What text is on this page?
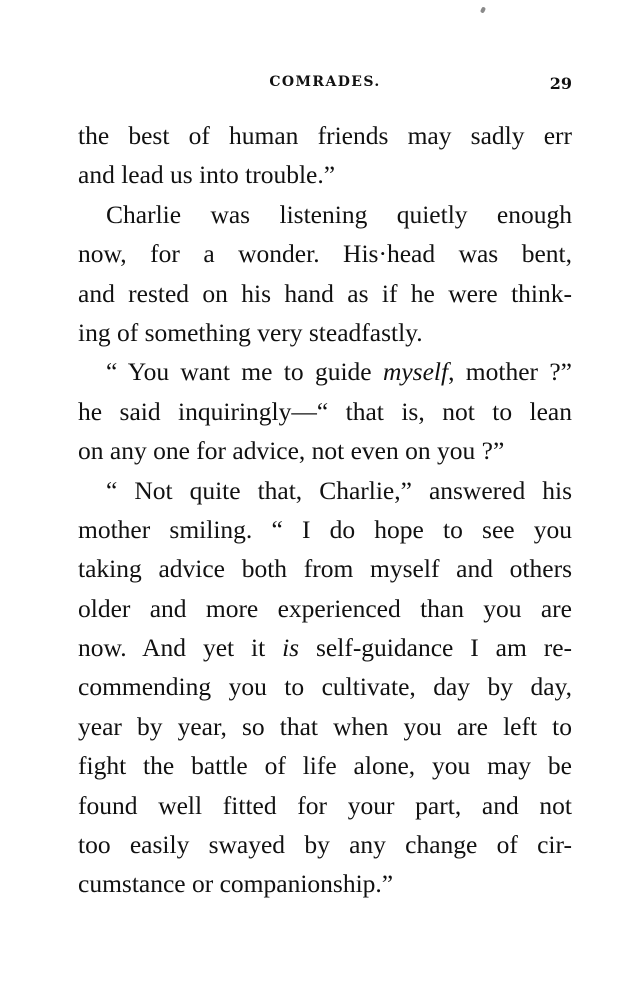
COMRADES.	29
the best of human friends may sadly err
and lead us into trouble.”
Charlie was listening quietly enough
now, for a wonder. His·head was bent,
and rested on his hand as if he were think-
ing of something very steadfastly.
“ You want me to guide myself, mother ?”
he said inquiringly—“ that is, not to lean
on any one for advice, not even on you ?”
“ Not quite that, Charlie,” answered his
mother smiling. “ I do hope to see you
taking advice both from myself and others
older and more experienced than you are
now. And yet it is self-guidance I am re-
commending you to cultivate, day by day,
year by year, so that when you are left to
fight the battle of life alone, you may be
found well fitted for your part, and not
too easily swayed by any change of cir-
cumstance or companionship.”
